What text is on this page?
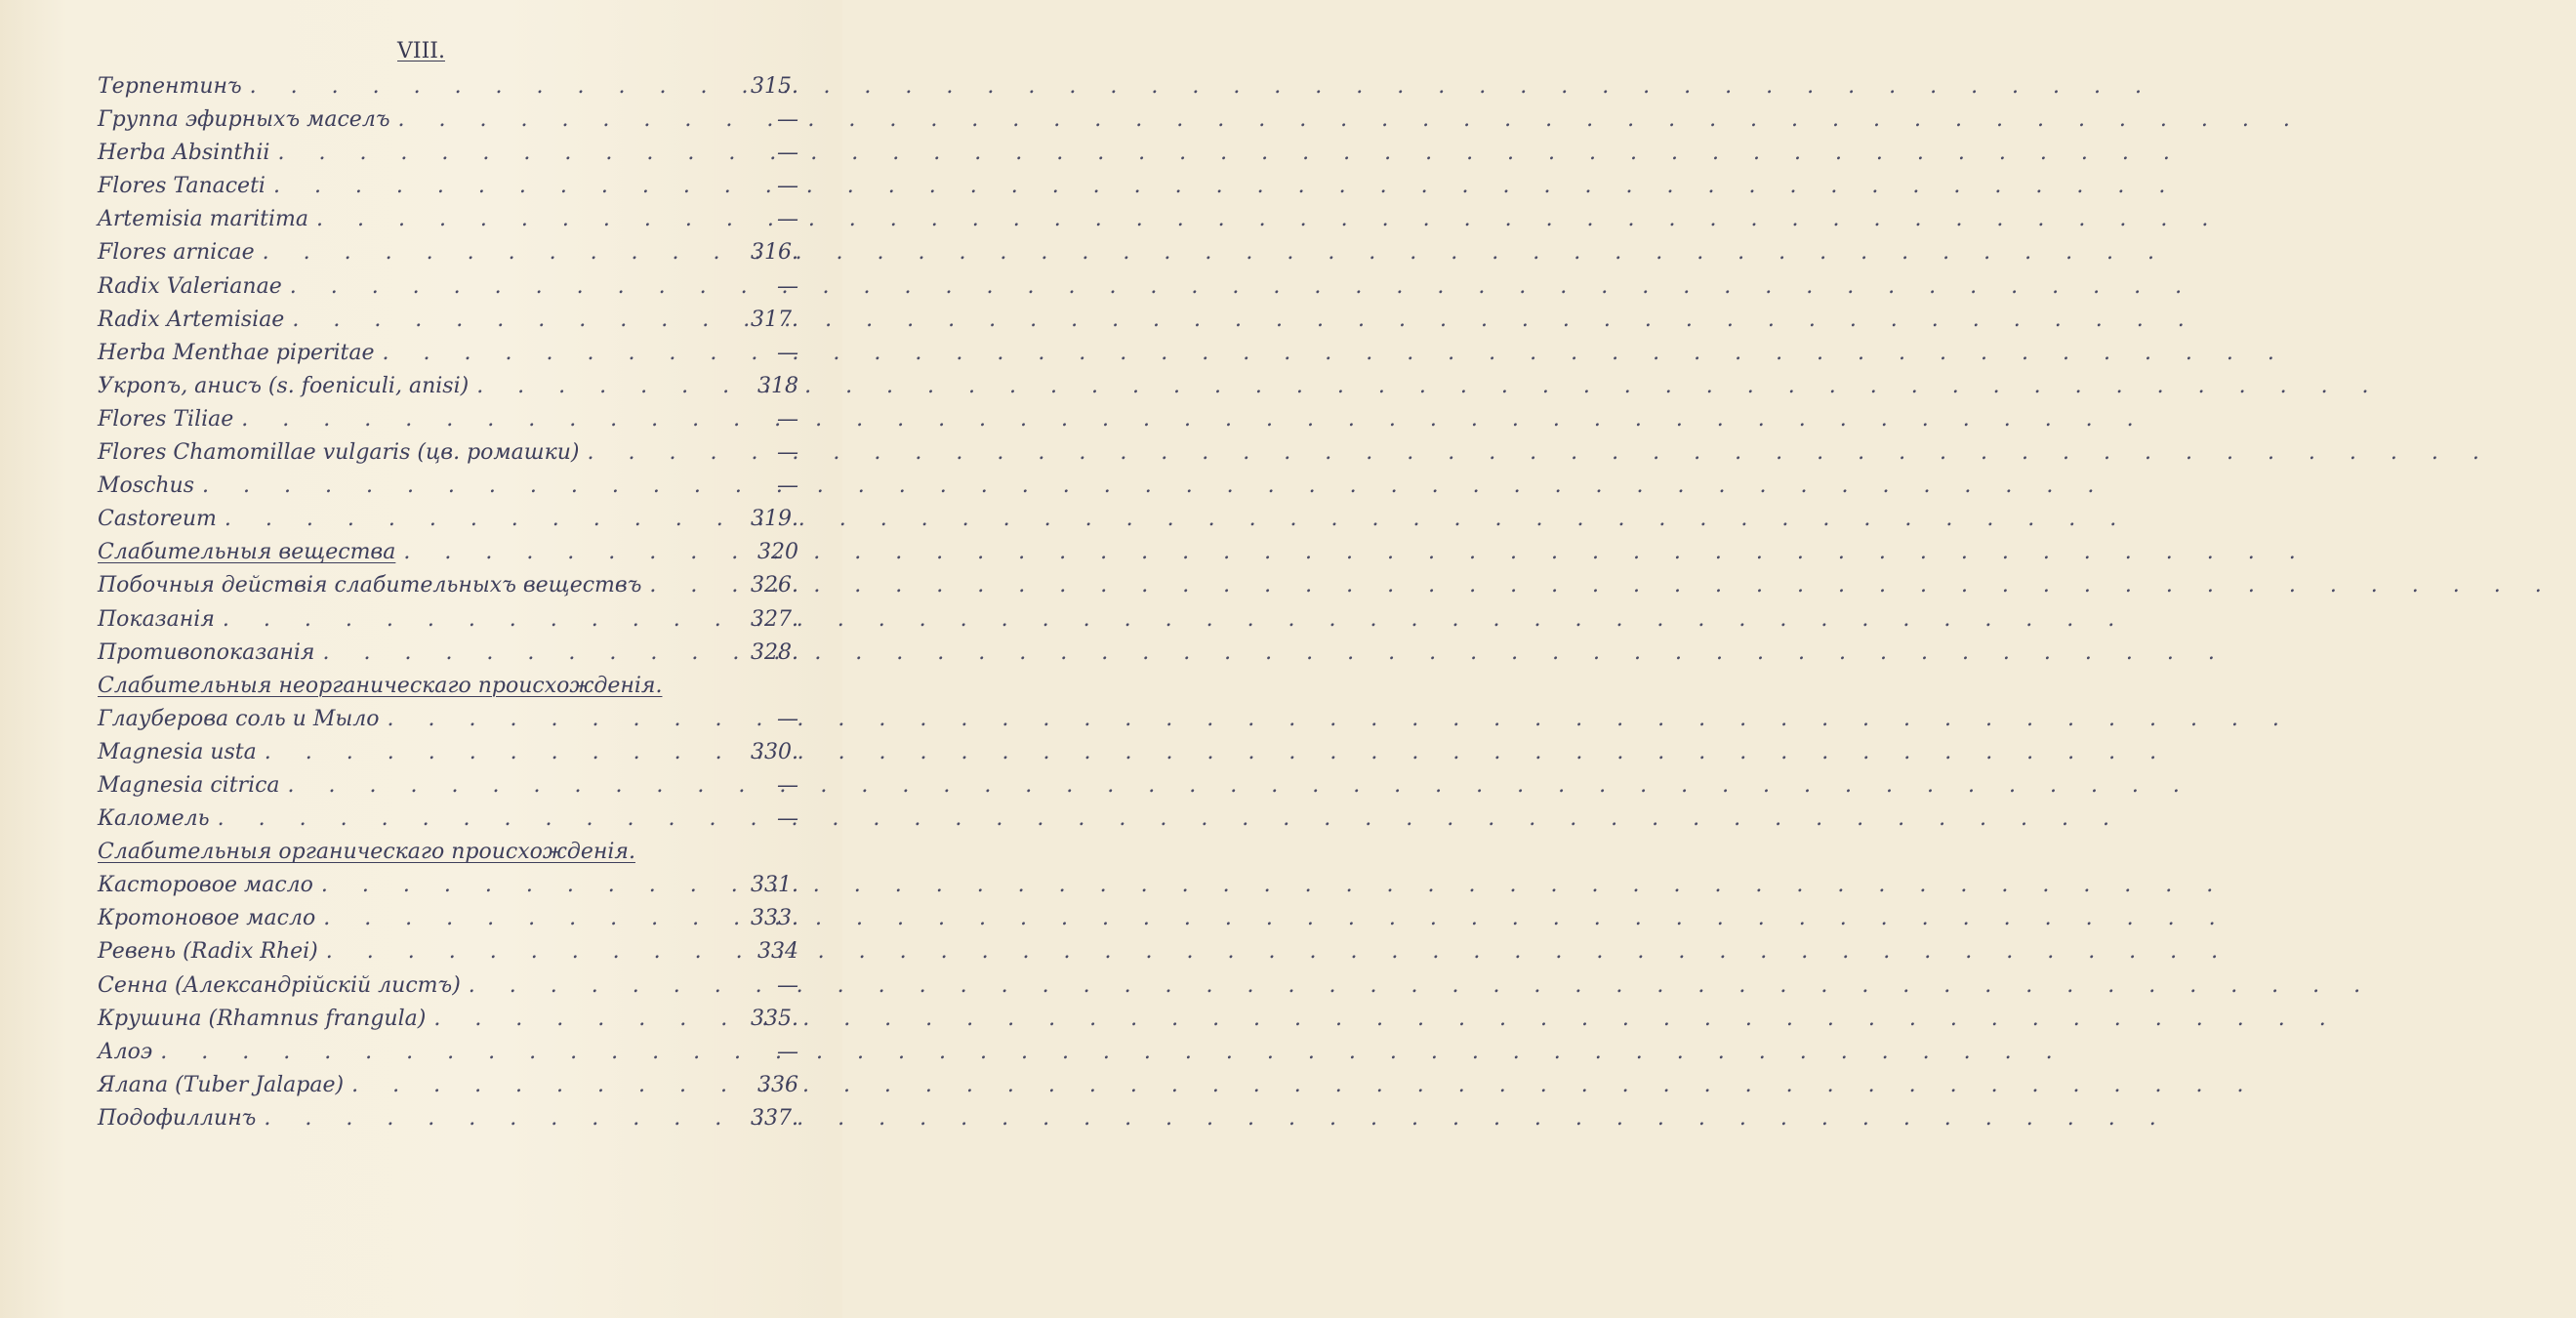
VIII.
Терпентинъ . . .	315.
Группа эфирныхъ маселъ . . .	—
Herba Absinthii . . .	—
Flores Tanaceti . . .	—
Artemisia maritima . . .	—
Flores arnicae . . .	316.
Radix Valerianae . . .	—
Radix Artemisiae . . .	317.
Herba Menthae piperitae . . .	—
Укропъ, анисъ (s. foeniculi, anisi) . . .	318
Flores Tiliae . . .	—
Flores Chamomillae vulgaris (цв. ромашки) . . .	—
Moschus . . .	—
Castoreum . . .	319.
Слабительныя вещества . . .	320
Побочныя действія слабительныхъ веществъ . . .	326.
Показанія . . .	327.
Противопоказанія . . .	328.
Слабительныя неорганическаго происхожденія.
Глауберова соль и Мыло . . .	—
Magnesia usta . . .	330.
Magnesia citrica . . .	—
Каломель . . .	—
Слабительныя органическаго происхожденія.
Касторовое масло . . .	331.
Кротоновое масло . . .	333.
Ревень (Radix Rhei) . . .	334
Сенна (Александрійскій листъ) . . .	—
Крушина (Rhamnus frangula) . . .	335.
Алоэ . . .	—
Ялапа (Tuber Jalapae) . . .	336
Подофиллинъ . . .	337.
